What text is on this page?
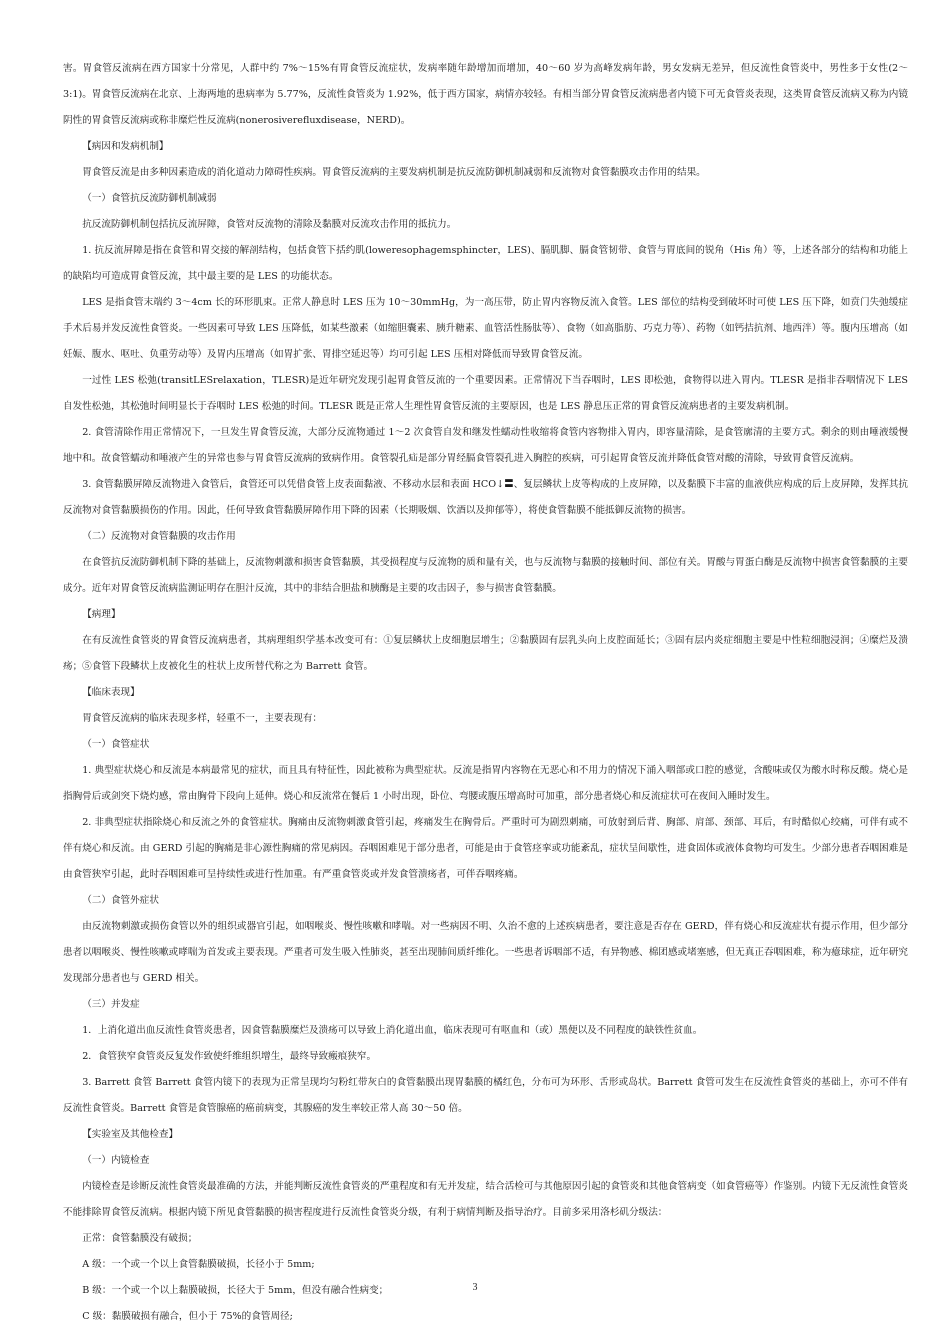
害。胃食管反流病在西方国家十分常见，人群中约 7%～15%有胃食管反流症状，发病率随年龄增加而增加，40～60 岁为高峰发病年龄，男女发病无差异，但反流性食管炎中，男性多于女性(2～3:1)。胃食管反流病在北京、上海两地的患病率为 5.77%，反流性食管炎为 1.92%，低于西方国家，病情亦较轻。有相当部分胃食管反流病患者内镜下可无食管炎表现，这类胃食管反流病又称为内镜阴性的胃食管反流病或称非糜烂性反流病(nonerosiverefluxdisease，NERD)。

【病因和发病机制】

胃食管反流是由多种因素造成的消化道动力障碍性疾病。胃食管反流病的主要发病机制是抗反流防御机制减弱和反流物对食管黏膜攻击作用的结果。

（一）食管抗反流防御机制减弱

抗反流防御机制包括抗反流屏障，食管对反流物的清除及黏膜对反流攻击作用的抵抗力。

1. 抗反流屏障是指在食管和胃交接的解剖结构，包括食管下括约肌(loweresophagemsphincter，LES)、膈肌脚、膈食管韧带、食管与胃底间的锐角（His 角）等，上述各部分的结构和功能上的缺陷均可造成胃食管反流，其中最主要的是 LES 的功能状态。

LES 是指食管末端约 3～4cm 长的环形肌束。正常人静息时 LES 压为 10～30mmHg，为一高压带，防止胃内容物反流入食管。LES 部位的结构受到破坏时可使 LES 压下降，如贲门失弛缓症手术后易并发反流性食管炎。一些因素可导致 LES 压降低，如某些激素（如缩胆囊素、胰升糖素、血管活性肠肽等）、食物（如高脂肪、巧克力等）、药物（如钙拮抗剂、地西泮）等。腹内压增高（如妊娠、腹水、呕吐、负重劳动等）及胃内压增高（如胃扩张、胃排空延迟等）均可引起 LES 压相对降低而导致胃食管反流。

一过性 LES 松弛(transitLESrelaxation，TLESR)是近年研究发现引起胃食管反流的一个重要因素。正常情况下当吞咽时，LES 即松弛，食物得以进入胃内。TLESR 是指非吞咽情况下 LES 自发性松弛，其松弛时间明显长于吞咽时 LES 松弛的时间。TLESR 既是正常人生理性胃食管反流的主要原因，也是 LES 静息压正常的胃食管反流病患者的主要发病机制。

2. 食管清除作用正常情况下，一旦发生胃食管反流，大部分反流物通过 1～2 次食管自发和继发性蠕动性收缩将食管内容物排入胃内，即容量清除，是食管廓清的主要方式。剩余的则由唾液缓慢地中和。故食管蠕动和唾液产生的异常也参与胃食管反流病的致病作用。食管裂孔疝是部分胃经膈食管裂孔进入胸腔的疾病，可引起胃食管反流并降低食管对酸的清除，导致胃食管反流病。

3. 食管黏膜屏障反流物进入食管后，食管还可以凭借食管上皮表面黏液、不移动水层和表面 HCO↓〓、复层鳞状上皮等构成的上皮屏障，以及黏膜下丰富的血液供应构成的后上皮屏障，发挥其抗反流物对食管黏膜损伤的作用。因此，任何导致食管黏膜屏障作用下降的因素（长期吸烟、饮酒以及抑郁等），将使食管黏膜不能抵御反流物的损害。

（二）反流物对食管黏膜的攻击作用

在食管抗反流防御机制下降的基础上，反流物刺激和损害食管黏膜，其受损程度与反流物的质和量有关，也与反流物与黏膜的接触时间、部位有关。胃酸与胃蛋白酶是反流物中损害食管黏膜的主要成分。近年对胃食管反流病监测证明存在胆汁反流，其中的非结合胆盐和胰酶是主要的攻击因子，参与损害食管黏膜。

【病理】

在有反流性食管炎的胃食管反流病患者，其病理组织学基本改变可有：①复层鳞状上皮细胞层增生；②黏膜固有层乳头向上皮腔面延长；③固有层内炎症细胞主要是中性粒细胞浸润；④糜烂及溃疡；⑤食管下段鳞状上皮被化生的柱状上皮所替代称之为 Barrett 食管。

【临床表现】

胃食管反流病的临床表现多样，轻重不一，主要表现有：

（一）食管症状

1. 典型症状烧心和反流是本病最常见的症状，而且具有特征性，因此被称为典型症状。反流是指胃内容物在无恶心和不用力的情况下涌入咽部或口腔的感觉，含酸味或仅为酸水时称反酸。烧心是指胸骨后或剑突下烧灼感，常由胸骨下段向上延伸。烧心和反流常在餐后 1 小时出现，卧位、弯腰或腹压增高时可加重，部分患者烧心和反流症状可在夜间入睡时发生。

2. 非典型症状指除烧心和反流之外的食管症状。胸痛由反流物刺激食管引起，疼痛发生在胸骨后。严重时可为剧烈刺痛，可放射到后背、胸部、肩部、颈部、耳后，有时酷似心绞痛，可伴有或不伴有烧心和反流。由 GERD 引起的胸痛是非心源性胸痛的常见病因。吞咽困难见于部分患者，可能是由于食管痉挛或功能紊乱，症状呈间歇性，进食固体或液体食物均可发生。少部分患者吞咽困难是由食管狭窄引起，此时吞咽困难可呈持续性或进行性加重。有严重食管炎或并发食管溃疡者，可伴吞咽疼痛。

（二）食管外症状

由反流物刺激或损伤食管以外的组织或器官引起，如咽喉炎、慢性咳嗽和哮喘。对一些病因不明、久治不愈的上述疾病患者，要注意是否存在 GERD，伴有烧心和反流症状有提示作用，但少部分患者以咽喉炎、慢性咳嗽或哮喘为首发或主要表现。严重者可发生吸入性肺炎，甚至出现肺间质纤维化。一些患者诉咽部不适，有异物感、棉团感或堵塞感，但无真正吞咽困难，称为癔球症，近年研究发现部分患者也与 GERD 相关。

（三）并发症

1．上消化道出血反流性食管炎患者，因食管黏膜糜烂及溃疡可以导致上消化道出血，临床表现可有呕血和（或）黑便以及不同程度的缺铁性贫血。

2．食管狭窄食管炎反复发作致使纤维组织增生，最终导致瘢痕狭窄。

3. Barrett 食管 Barrett 食管内镜下的表现为正常呈现均匀粉红带灰白的食管黏膜出现胃黏膜的橘红色，分布可为环形、舌形或岛状。Barrett 食管可发生在反流性食管炎的基础上，亦可不伴有反流性食管炎。Barrett 食管是食管腺癌的癌前病变，其腺癌的发生率较正常人高 30～50 倍。

【实验室及其他检查】

（一）内镜检查

内镜检查是诊断反流性食管炎最准确的方法，并能判断反流性食管炎的严重程度和有无并发症，结合活检可与其他原因引起的食管炎和其他食管病变（如食管癌等）作鉴别。内镜下无反流性食管炎不能排除胃食管反流病。根据内镜下所见食管黏膜的损害程度进行反流性食管炎分级，有利于病情判断及指导治疗。目前多采用洛杉矶分级法：

正常：食管黏膜没有破损；

A 级：一个或一个以上食管黏膜破损，长径小于 5mm;

B 级：一个或一个以上黏膜破损，长径大于 5mm，但没有融合性病变；

C 级：黏膜破损有融合，但小于 75%的食管周径;

3
